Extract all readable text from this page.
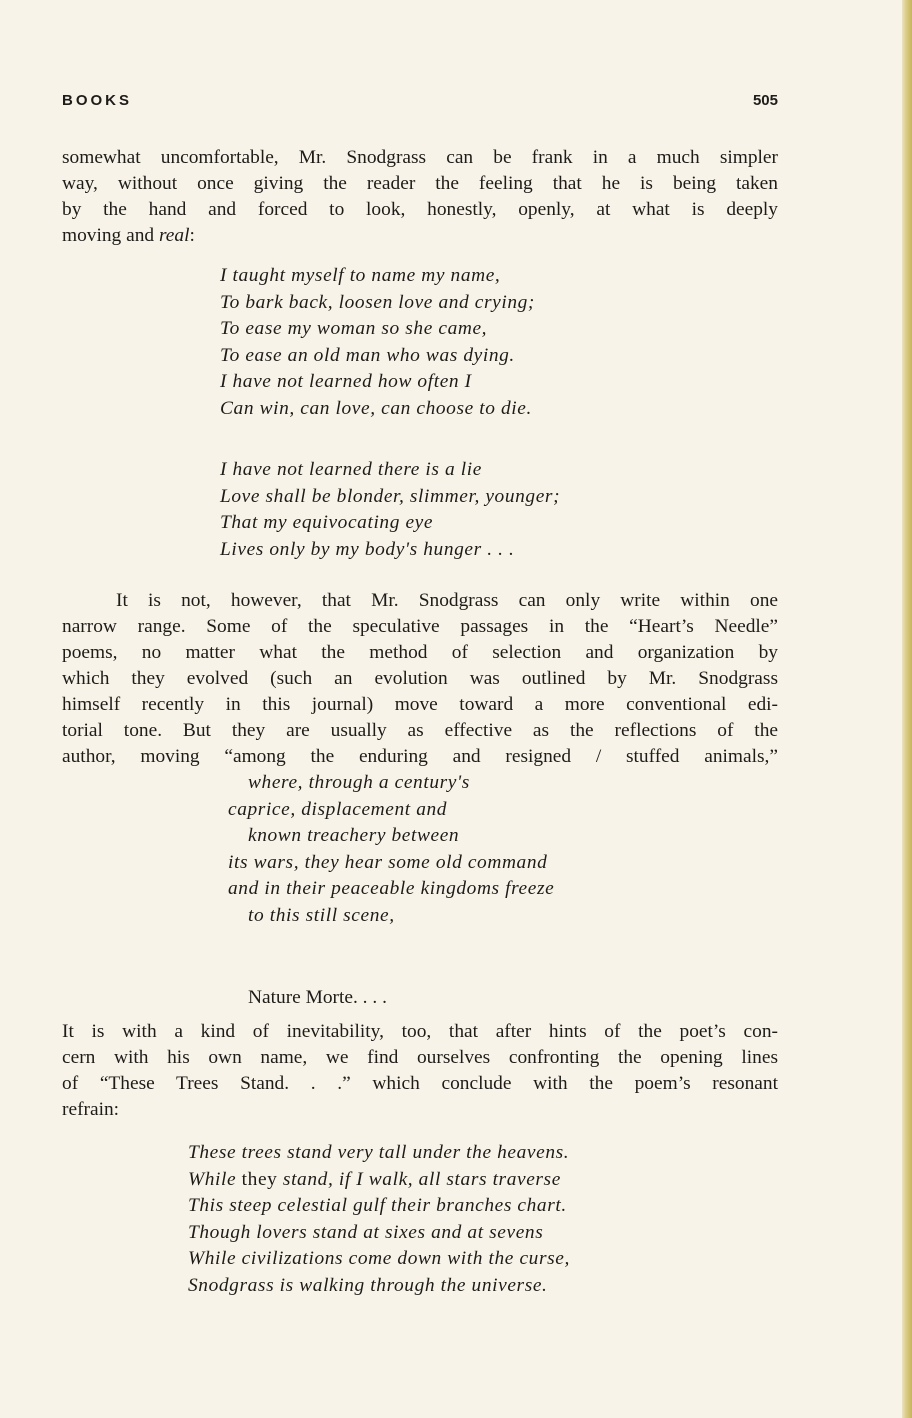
BOOKS	505
somewhat uncomfortable, Mr. Snodgrass can be frank in a much simpler
way, without once giving the reader the feeling that he is being taken
by the hand and forced to look, honestly, openly, at what is deeply
moving and real:
I taught myself to name my name,
To bark back, loosen love and crying;
To ease my woman so she came,
To ease an old man who was dying.
I have not learned how often I
Can win, can love, can choose to die.
I have not learned there is a lie
Love shall be blonder, slimmer, younger;
That my equivocating eye
Lives only by my body's hunger . . .
It is not, however, that Mr. Snodgrass can only write within one
narrow range. Some of the speculative passages in the “Heart’s Needle”
poems, no matter what the method of selection and organization by
which they evolved (such an evolution was outlined by Mr. Snodgrass
himself recently in this journal) move toward a more conventional edi-
torial tone. But they are usually as effective as the reflections of the
author, moving “among the enduring and resigned / stuffed animals,”
where, through a century's
caprice, displacement and
known treachery between
its wars, they hear some old command
and in their peaceable kingdoms freeze
to this still scene,
Nature Morte. . . .
It is with a kind of inevitability, too, that after hints of the poet’s con-
cern with his own name, we find ourselves confronting the opening lines
of “These Trees Stand. . .” which conclude with the poem’s resonant
refrain:
These trees stand very tall under the heavens.
While they stand, if I walk, all stars traverse
This steep celestial gulf their branches chart.
Though lovers stand at sixes and at sevens
While civilizations come down with the curse,
Snodgrass is walking through the universe.
